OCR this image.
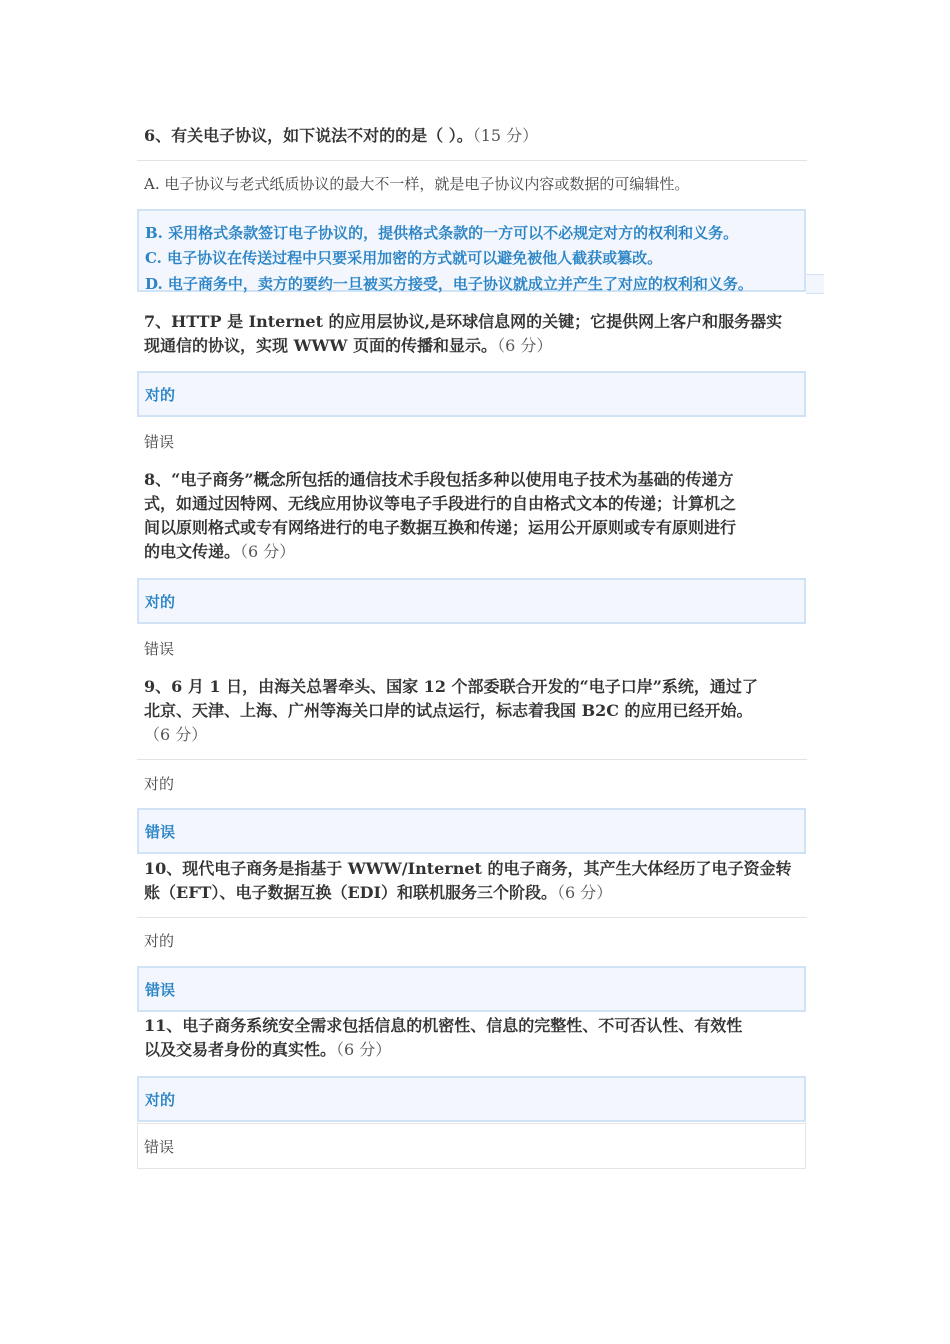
6、有关电子协议，如下说法不对的的是（ ）。（15 分）
A. 电子协议与老式纸质协议的最大不一样，就是电子协议内容或数据的可编辑性。
B. 采用格式条款签订电子协议的，提供格式条款的一方可以不必规定对方的权利和义务。
C. 电子协议在传送过程中只要采用加密的方式就可以避免被他人截获或篡改。
D. 电子商务中，卖方的要约一旦被买方接受，电子协议就成立并产生了对应的权利和义务。
7、HTTP 是 Internet 的应用层协议,是环球信息网的关键；它提供网上客户和服务器实
现通信的协议，实现 WWW 页面的传播和显示。（6 分）
对的
错误
8、“电子商务”概念所包括的通信技术手段包括多种以使用电子技术为基础的传递方
式，如通过因特网、无线应用协议等电子手段进行的自由格式文本的传递；计算机之
间以原则格式或专有网络进行的电子数据互换和传递；运用公开原则或专有原则进行
的电文传递。（6 分）
对的
错误
9、6 月 1 日，由海关总署牵头、国家 12 个部委联合开发的“电子口岸”系统，通过了
北京、天津、上海、广州等海关口岸的试点运行，标志着我国 B2C 的应用已经开始。
（6 分）
对的
错误
10、现代电子商务是指基于 WWW/Internet 的电子商务，其产生大体经历了电子资金转
账（EFT）、电子数据互换（EDI）和联机服务三个阶段。（6 分）
对的
错误
11、电子商务系统安全需求包括信息的机密性、信息的完整性、不可否认性、有效性
以及交易者身份的真实性。（6 分）
对的
错误
